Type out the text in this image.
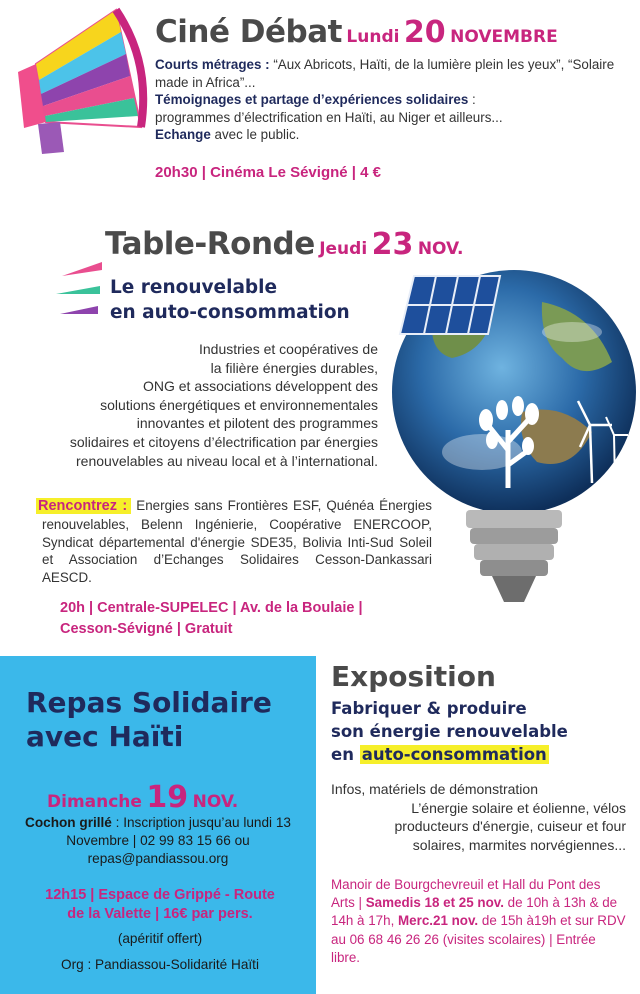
Ciné Débat Lundi 20 NOVEMBRE
Courts métrages : “Aux Abricots, Haïti, de la lumière plein les yeux”, “Solaire made in Africa”...
Témoignages et partage d’expériences solidaires :
programmes d’électrification en Haïti, au Niger et ailleurs...
Echange avec le public.
20h30 | Cinéma Le Sévigné | 4 €
Table-Ronde Jeudi 23 NOV.
Le renouvelable
en auto-consommation
Industries et coopératives de
la filière énergies durables,
ONG et associations développent des
solutions énergétiques et environnementales
innovantes et pilotent des programmes
solidaires et citoyens d’électrification par énergies
renouvelables au niveau local et à l’international.
Rencontrez : Energies sans Frontières ESF, Quénéa Énergies renouvelables, Belenn Ingénierie, Coopérative ENERCOOP, Syndicat départemental d'énergie SDE35, Bolivia Inti-Sud Soleil et Association d’Echanges Solidaires Cesson-Dankassari AESCD.
20h | Centrale-SUPELEC | Av. de la Boulaie |
Cesson-Sévigné | Gratuit
Repas Solidaire
avec Haïti
Dimanche 19 NOV.
Cochon grillé : Inscription jusqu’au lundi 13 Novembre | 02 99 83 15 66 ou
repas@pandiassou.org
12h15 | Espace de Grippé - Route
de la Valette | 16€ par pers.
(apéritif offert)
Org : Pandiassou-Solidarité Haïti
Exposition
Fabriquer & produire
son énergie renouvelable
en auto-consommation
Infos, matériels de démonstration
L’énergie solaire et éolienne, vélos
producteurs d'énergie, cuiseur et four
solaires, marmites norvégiennes...
Manoir de Bourgchevreuil et Hall du Pont des Arts | Samedis 18 et 25 nov. de 10h à 13h & de 14h à 17h, Merc.21 nov. de 15h à19h et sur RDV au 06 68 46 26 26 (visites scolaires) | Entrée libre.
